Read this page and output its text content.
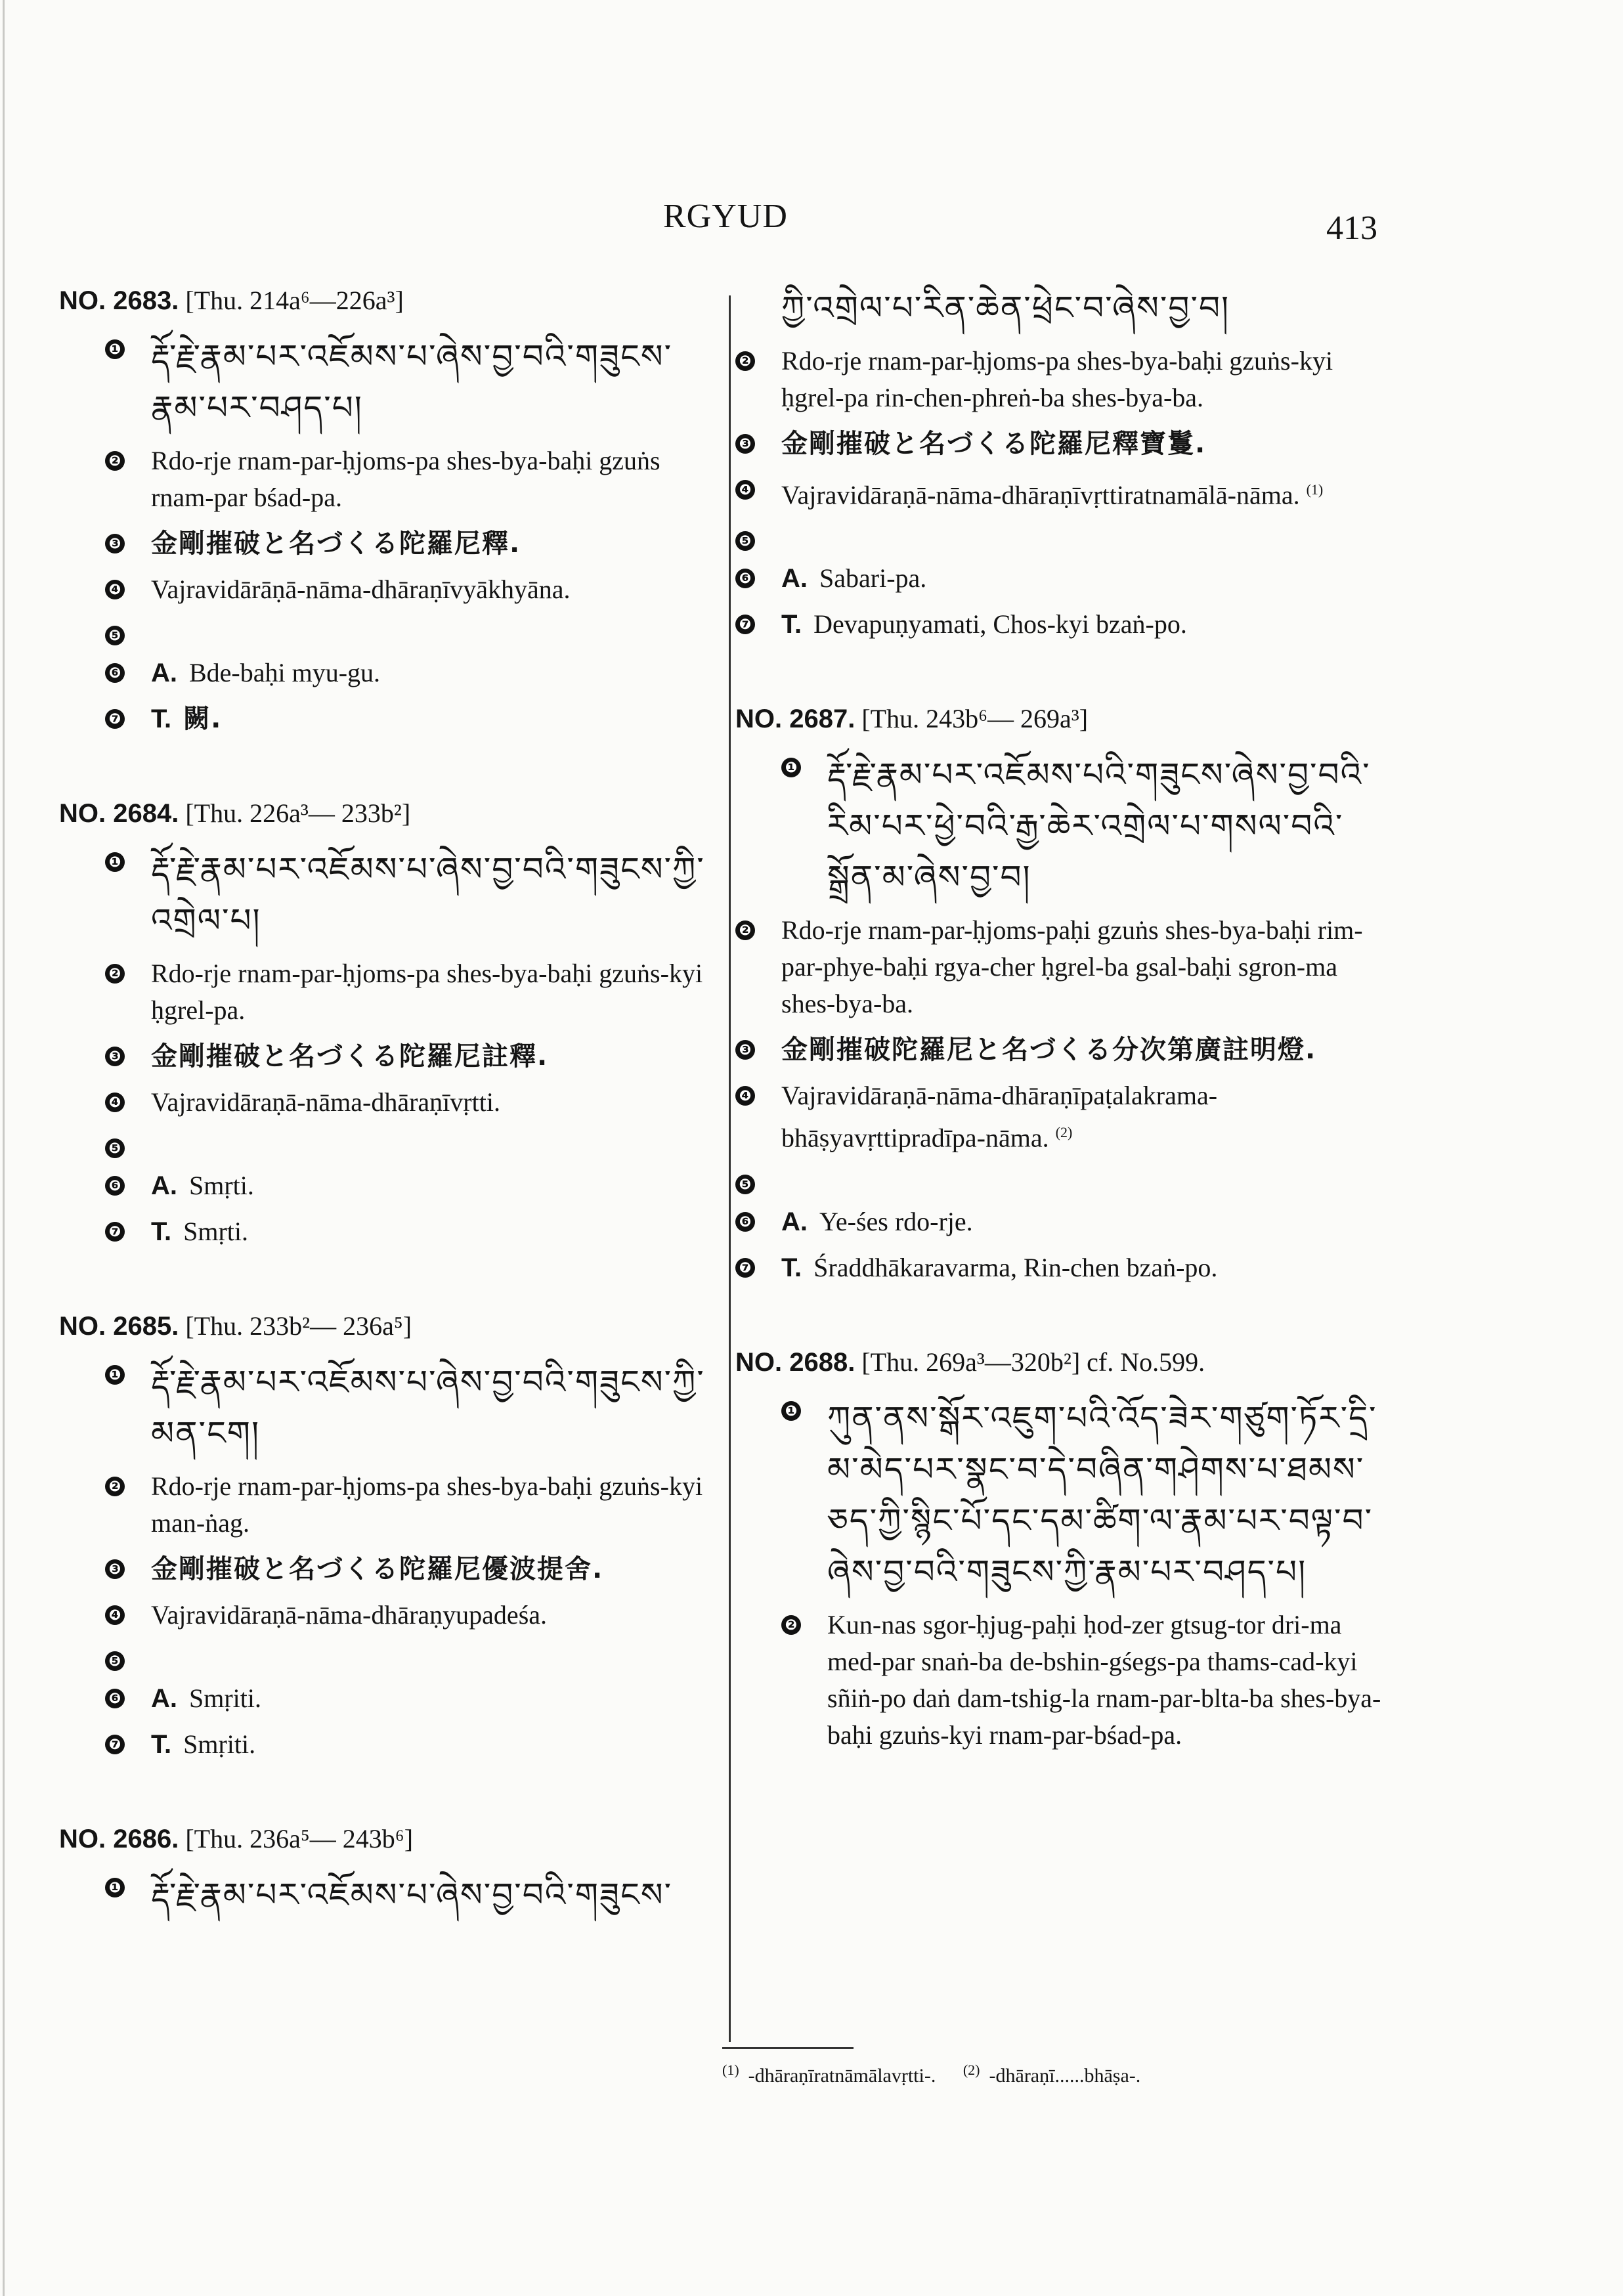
RGYUD	413
NO. 2683. [Thu. 214a⁶—226a³]
❶ རྡོ་རྗེ་རྣམ་པར་འཇོམས་པ་ཞེས་བྱ་བའི་གཟུངས་རྣམ་པར་བཤད་པ།
❷ Rdo-rje rnam-par-ḥjoms-pa shes-bya-baḥi gzuṅs rnam-par bśad-pa.
❸ 金剛摧破と名づくる陀羅尼釋.
❹ Vajravidārāṇā-nāma-dhāraṇīvyākhyāna.
❺
❻ A. Bde-baḥi myu-gu.
❼ T. 闕.
NO. 2684. [Thu. 226a³— 233b²]
❶ རྡོ་རྗེ་རྣམ་པར་འཇོམས་པ་ཞེས་བྱ་བའི་གཟུངས་ཀྱི་འགྲེལ་པ།
❷ Rdo-rje rnam-par-ḥjoms-pa shes-bya-baḥi gzuṅs-kyi ḥgrel-pa.
❸ 金剛摧破と名づくる陀羅尼註釋.
❹ Vajravidāraṇā-nāma-dhāraṇīvṛtti.
❺
❻ A. Smṛti.
❼ T. Smṛti.
NO. 2685. [Thu. 233b²— 236a⁵]
❶ རྡོ་རྗེ་རྣམ་པར་འཇོམས་པ་ཞེས་བྱ་བའི་གཟུངས་ཀྱི་མན་ངག།
❷ Rdo-rje rnam-par-ḥjoms-pa shes-bya-baḥi gzuṅs-kyi man-ṅag.
❸ 金剛摧破と名づくる陀羅尼優波提舍.
❹ Vajravidāraṇā-nāma-dhāraṇyupadeśa.
❺
❻ A. Smṛiti.
❼ T. Smṛiti.
NO. 2686. [Thu. 236a⁵— 243b⁶]
❶ རྡོ་རྗེ་རྣམ་པར་འཇོམས་པ་ཞེས་བྱ་བའི་གཟུངས་
ཀྱི་འགྲེལ་པ་རིན་ཆེན་ཕྲེང་བ་ཞེས་བྱ་བ།
❷ Rdo-rje rnam-par-ḥjoms-pa shes-bya-baḥi gzuṅs-kyi ḥgrel-pa rin-chen-phreṅ-ba shes-bya-ba.
❸ 金剛摧破と名づくる陀羅尼釋寶鬘.
❹ Vajravidāraṇā-nāma-dhāraṇīvṛttiratnamālā-nāma. $^{(1)}$
❺
❻ A. Sabari-pa.
❼ T. Devapuṇyamati, Chos-kyi bzaṅ-po.
NO. 2687. [Thu. 243b⁶— 269a³]
❶ རྡོ་རྗེ་རྣམ་པར་འཇོམས་པའི་གཟུངས་ཞེས་བྱ་བའི་རིམ་པར་ཕྱེ་བའི་རྒྱ་ཆེར་འགྲེལ་པ་གསལ་བའི་སྒྲོན་མ་ཞེས་བྱ་བ།
❷ Rdo-rje rnam-par-ḥjoms-paḥi gzuṅs shes-bya-baḥi rim-par-phye-baḥi rgya-cher ḥgrel-ba gsal-baḥi sgron-ma shes-bya-ba.
❸ 金剛摧破陀羅尼と名づくる分次第廣註明燈.
❹ Vajravidāraṇā-nāma-dhāraṇīpaṭalakrama-bhāṣyavṛttipradīpa-nāma. $^{(2)}$
❺
❻ A. Ye-śes rdo-rje.
❼ T. Śraddhākaravarma, Rin-chen bzaṅ-po.
NO. 2688. [Thu. 269a³—320b²] cf. No.599.
❶ ཀུན་ནས་སྒོར་འཇུག་པའི་འོད་ཟེར་གཙུག་ཏོར་དྲི་མ་མེད་པར་སྣང་བ་དེ་བཞིན་གཤེགས་པ་ཐམས་ཅད་ཀྱི་སྙིང་པོ་དང་དམ་ཚིག་ལ་རྣམ་པར་བལྟ་བ་ཞེས་བྱ་བའི་གཟུངས་ཀྱི་རྣམ་པར་བཤད་པ།
❷ Kun-nas sgor-ḥjug-paḥi ḥod-zer gtsug-tor dri-ma med-par snaṅ-ba de-bshin-gśegs-pa thams-cad-kyi sñiṅ-po daṅ dam-tshig-la rnam-par-blta-ba shes-bya-baḥi gzuṅs-kyi rnam-par-bśad-pa.
$^{(1)}$ -dhāraṇīratnāmālavṛtti-. $^{(2)}$ -dhāraṇī......bhāṣa-.
